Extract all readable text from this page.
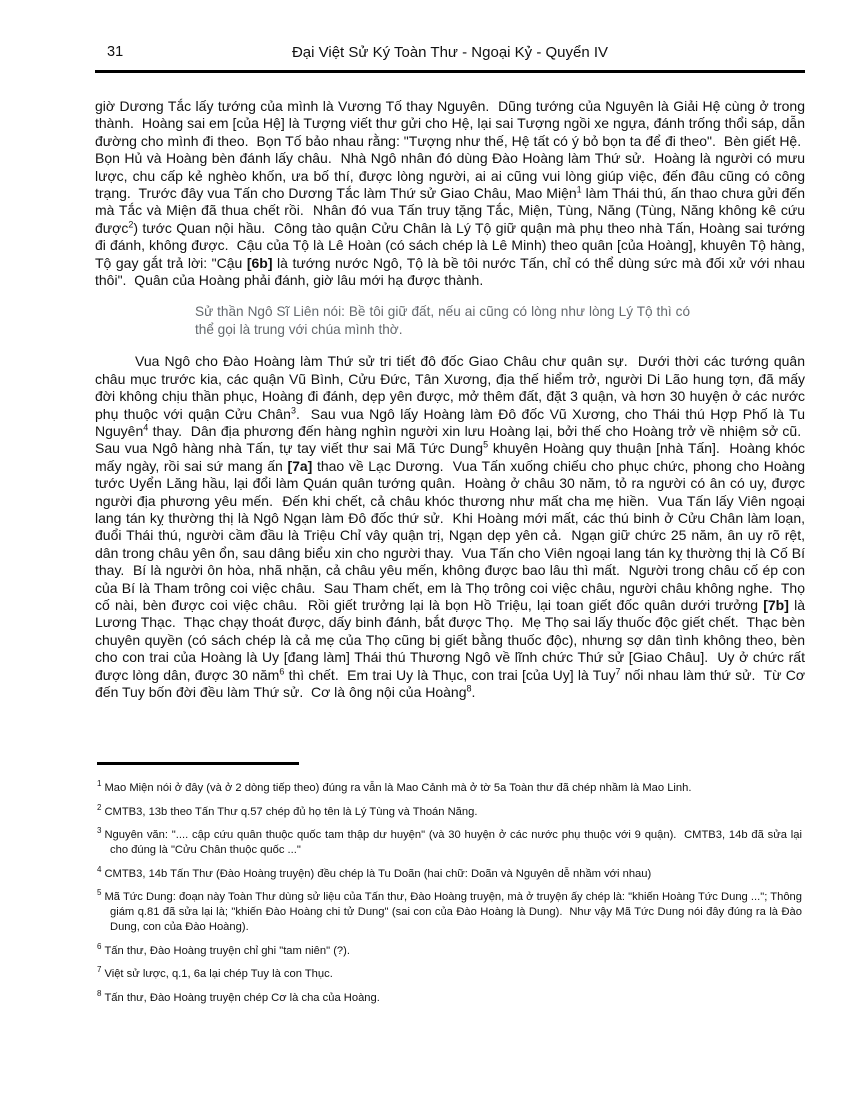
31	Đại Việt Sử Ký Toàn Thư - Ngoại Kỷ - Quyển IV

giờ Dương Tắc lấy tướng của mình là Vương Tố thay Nguyên.  Dũng tướng của Nguyên là Giải Hệ cùng ở trong thành.  Hoàng sai em [của Hệ] là Tượng viết thư gửi cho Hệ, lại sai Tượng ngồi xe ngựa, đánh trống thổi sáp, dẫn đường cho mình đi theo.  Bọn Tố bảo nhau rằng: "Tượng như thế, Hệ tất có ý bỏ bọn ta để đi theo".  Bèn giết Hệ.  Bọn Hủ và Hoàng bèn đánh lấy châu.  Nhà Ngô nhân đó dùng Đào Hoàng làm Thứ sử.  Hoàng là người có mưu lược, chu cấp kẻ nghèo khốn, ưa bố thí, được lòng người, ai ai cũng vui lòng giúp việc, đến đâu cũng có công trạng.  Trước đây vua Tấn cho Dương Tắc làm Thứ sử Giao Châu, Mao Miện$^1$ làm Thái thú, ấn thao chưa gửi đến mà Tắc và Miện đã thua chết rồi.  Nhân đó vua Tấn truy tặng Tắc, Miện, Tùng, Năng (Tùng, Năng không kê cứu được$^2$) tước Quan nội hầu.  Công tào quận Cửu Chân là Lý Tộ giữ quận mà phụ theo nhà Tấn, Hoàng sai tướng đi đánh, không được.  Cậu của Tộ là Lê Hoàn (có sách chép là Lê Minh) theo quân [của Hoàng], khuyên Tộ hàng, Tộ gay gắt trả lời: "Cậu [6b] là tướng nước Ngô, Tộ là bề tôi nước Tấn, chỉ có thể dùng sức mà đối xử với nhau thôi".  Quân của Hoàng phải đánh, giờ lâu mới hạ được thành.

Sử thần Ngô Sĩ Liên nói: Bề tôi giữ đất, nếu ai cũng có lòng như lòng Lý Tộ thì có thể gọi là trung với chúa mình thờ.

Vua Ngô cho Đào Hoàng làm Thứ sử tri tiết đô đốc Giao Châu chư quân sự.  Dưới thời các tướng quân châu mục trước kia, các quận Vũ Bình, Cửu Đức, Tân Xương, địa thế hiểm trở, người Di Lão hung tợn, đã mấy đời không chịu thần phục, Hoàng đi đánh, dẹp yên được, mở thêm đất, đặt 3 quận, và hơn 30 huyện ở các nước phụ thuộc với quận Cửu Chân$^3$.  Sau vua Ngô lấy Hoàng làm Đô đốc Vũ Xương, cho Thái thú Hợp Phố là Tu Nguyên$^4$ thay.  Dân địa phương đến hàng nghìn người xin lưu Hoàng lại, bởi thế cho Hoàng trở về nhiệm sở cũ.  Sau vua Ngô hàng nhà Tấn, tự tay viết thư sai Mã Tức Dung$^5$ khuyên Hoàng quy thuận [nhà Tấn].  Hoàng khóc mấy ngày, rồi sai sứ mang ấn [7a] thao về Lạc Dương.  Vua Tấn xuống chiếu cho phục chức, phong cho Hoàng tước Uyển Lăng hầu, lại đổi làm Quán quân tướng quân.  Hoàng ở châu 30 năm, tỏ ra người có ân có uy, được người địa phương yêu mến.  Đến khi chết, cả châu khóc thương như mất cha mẹ hiền.  Vua Tấn lấy Viên ngoại lang tán kỵ thường thị là Ngô Ngạn làm Đô đốc thứ sử.  Khi Hoàng mới mất, các thú binh ở Cửu Chân làm loạn, đuổi Thái thú, người cầm đầu là Triệu Chỉ vây quận trị, Ngạn dẹp yên cả.  Ngạn giữ chức 25 năm, ân uy rõ rệt, dân trong châu yên ổn, sau dâng biểu xin cho người thay.  Vua Tấn cho Viên ngoại lang tán kỵ thường thị là Cố Bí thay.  Bí là người ôn hòa, nhã nhặn, cả châu yêu mến, không được bao lâu thì mất.  Người trong châu cố ép con của Bí là Tham trông coi việc châu.  Sau Tham chết, em là Thọ trông coi việc châu, người châu không nghe.  Thọ cố nài, bèn được coi việc châu.  Rồi giết trưởng lại là bọn Hồ Triệu, lại toan giết đốc quân dưới trưởng [7b] là Lương Thạc.  Thạc chạy thoát được, dấy binh đánh, bắt được Thọ.  Mẹ Thọ sai lấy thuốc độc giết chết.  Thạc bèn chuyên quyền (có sách chép là cả mẹ của Thọ cũng bị giết bằng thuốc độc), nhưng sợ dân tình không theo, bèn cho con trai của Hoàng là Uy [đang làm] Thái thú Thương Ngô về lĩnh chức Thứ sử [Giao Châu].  Uy ở chức rất được lòng dân, được 30 năm$^6$ thì chết.  Em trai Uy là Thục, con trai [của Uy] là Tuy$^7$ nối nhau làm thứ sử.  Từ Cơ đến Tuy bốn đời đều làm Thứ sử.  Cơ là ông nội của Hoàng$^8$.

$^1$ Mao Miện nói ở đây (và ở 2 dòng tiếp theo) đúng ra vẫn là Mao Cảnh mà ở tờ 5a Toàn thư đã chép nhầm là Mao Linh.

$^2$ CMTB3, 13b theo Tấn Thư q.57 chép đủ họ tên là Lý Tùng và Thoán Năng.

$^3$ Nguyên văn: ".... cập cứu quân thuộc quốc tam thập dư huyện" (và 30 huyện ở các nước phụ thuộc với 9 quận).  CMTB3, 14b đã sửa lại cho đúng là "Cửu Chân thuộc quốc ..."

$^4$ CMTB3, 14b Tấn Thư (Đào Hoàng truyện) đều chép là Tu Doãn (hai chữ: Doãn và Nguyên dễ nhầm với nhau)

$^5$ Mã Tức Dung: đoạn này Toàn Thư dùng sử liệu của Tấn thư, Đào Hoàng truyện, mà ở truyện ấy chép là: "khiến Hoàng Tức Dung ..."; Thông giám q.81 đã sửa lại là; "khiến Đào Hoàng chi tử Dung" (sai con của Đào Hoàng là Dung).  Như vậy Mã Tức Dung nói đây đúng ra là Đào Dung, con của Đào Hoàng).

$^6$ Tấn thư, Đào Hoàng truyện chỉ ghi "tam niên" (?).

$^7$ Việt sử lược, q.1, 6a lại chép Tuy là con Thục.

$^8$ Tấn thư, Đào Hoàng truyện chép Cơ là cha của Hoàng.
